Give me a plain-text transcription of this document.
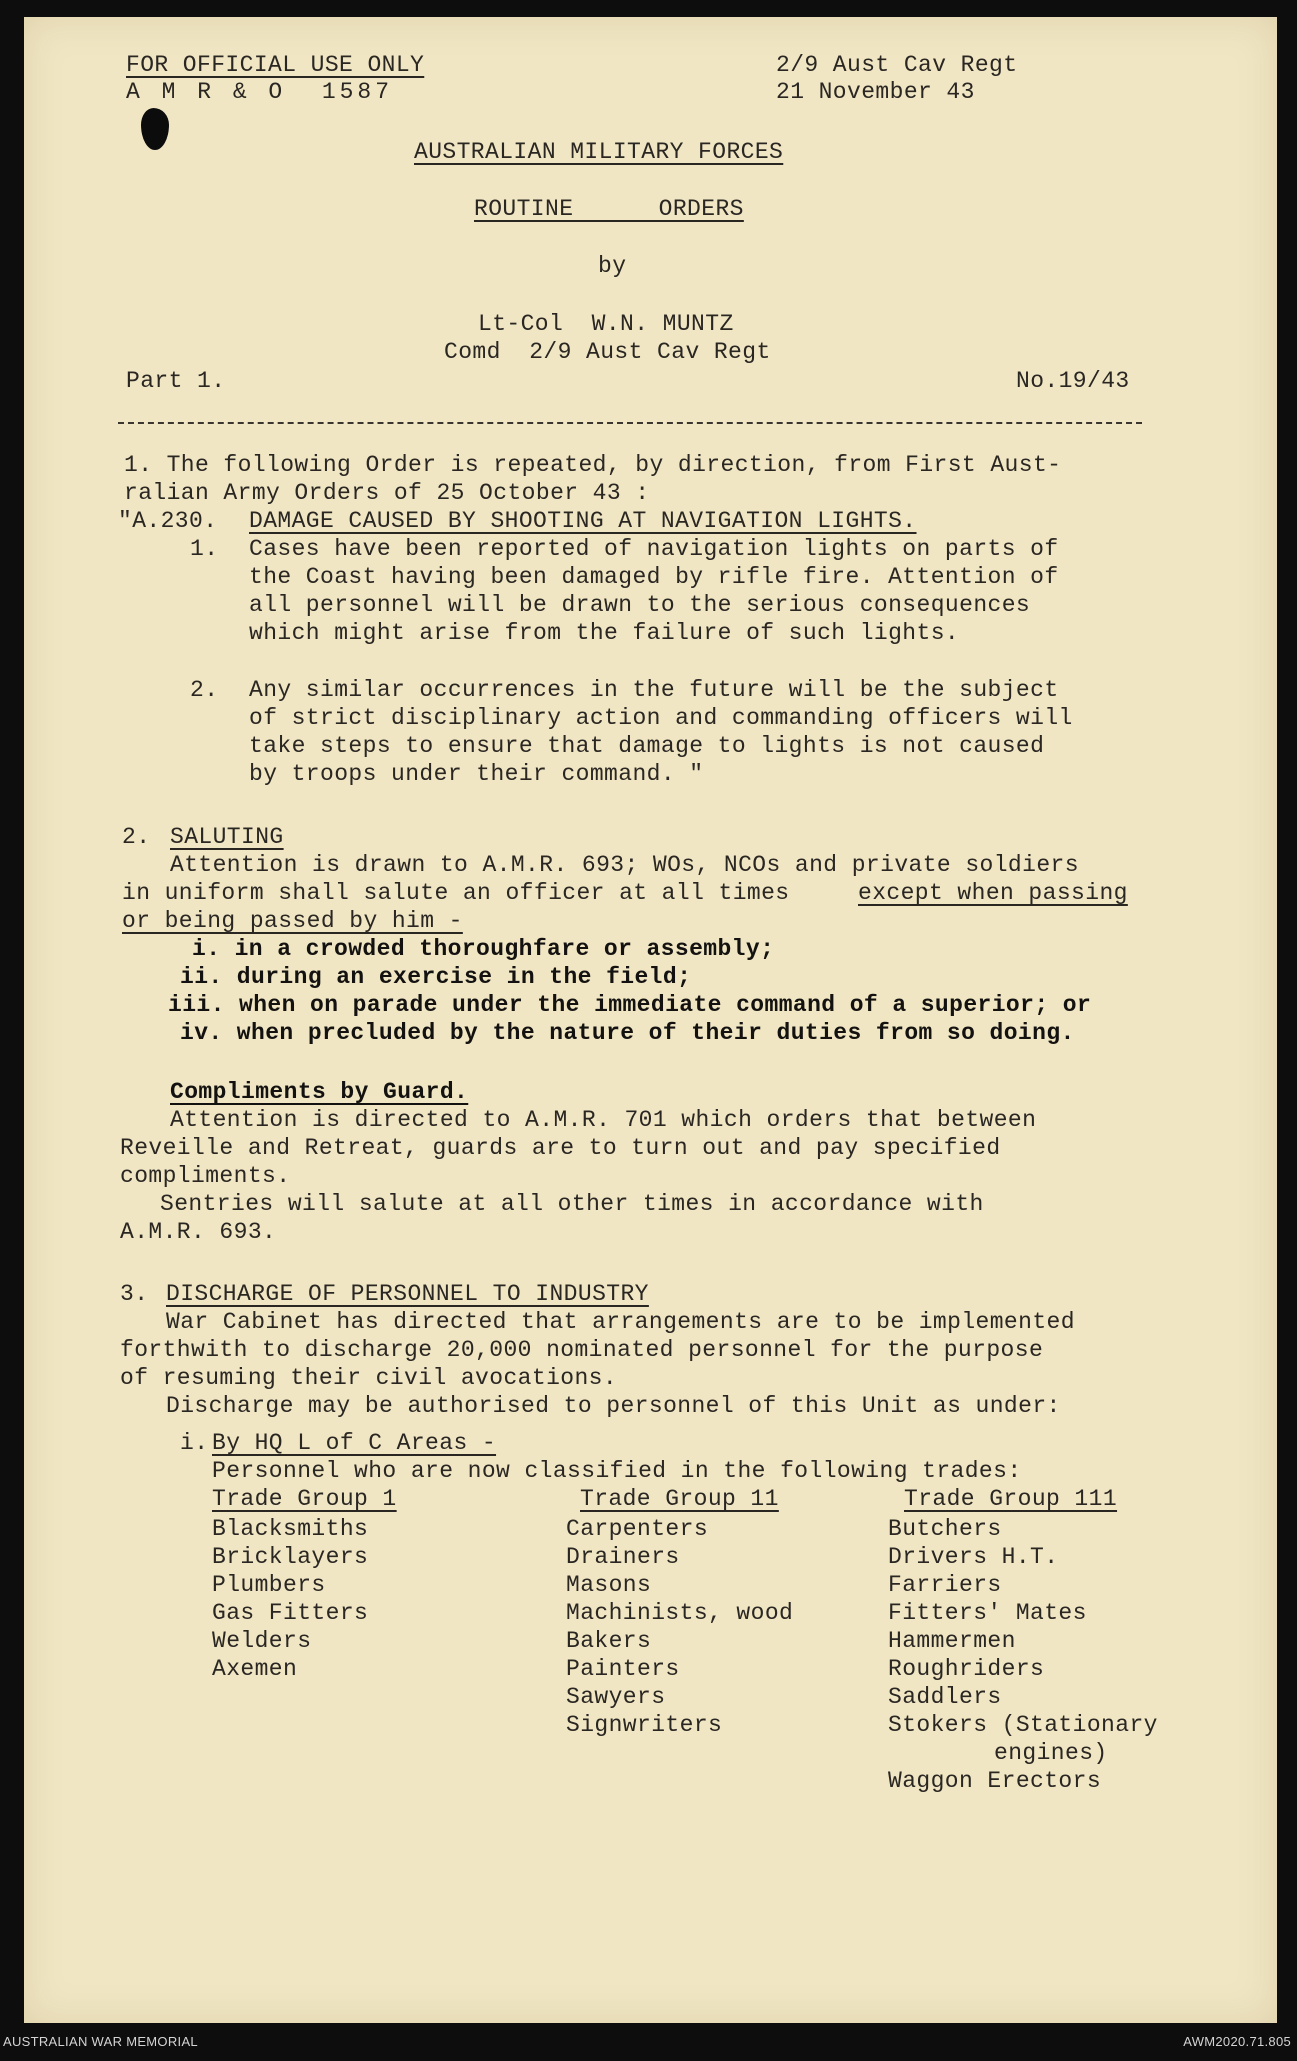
FOR OFFICIAL USE ONLY
A M R & O  1587
2/9 Aust Cav Regt
21 November 43
AUSTRALIAN MILITARY FORCES
ROUTINE      ORDERS
by
Lt-Col  W.N. MUNTZ
Comd  2/9 Aust Cav Regt
Part 1.	No.19/43
1. The following Order is repeated, by direction, from First Aust-
ralian Army Orders of 25 October 43 :
"A.230. DAMAGE CAUSED BY SHOOTING AT NAVIGATION LIGHTS.
1. Cases have been reported of navigation lights on parts of
the Coast having been damaged by rifle fire. Attention of
all personnel will be drawn to the serious consequences
which might arise from the failure of such lights.
2. Any similar occurrences in the future will be the subject
of strict disciplinary action and commanding officers will
take steps to ensure that damage to lights is not caused
by troops under their command. "
2. SALUTING
Attention is drawn to A.M.R. 693; WOs, NCOs and private soldiers
in uniform shall salute an officer at all times except when passing
or being passed by him -
i. in a crowded thoroughfare or assembly;
ii. during an exercise in the field;
iii. when on parade under the immediate command of a superior; or
iv. when precluded by the nature of their duties from so doing.
Compliments by Guard.
Attention is directed to A.M.R. 701 which orders that between
Reveille and Retreat, guards are to turn out and pay specified
compliments.
Sentries will salute at all other times in accordance with
A.M.R. 693.
3. DISCHARGE OF PERSONNEL TO INDUSTRY
War Cabinet has directed that arrangements are to be implemented
forthwith to discharge 20,000 nominated personnel for the purpose
of resuming their civil avocations.
Discharge may be authorised to personnel of this Unit as under:
i. By HQ L of C Areas -
Personnel who are now classified in the following trades:
Trade Group 1
Blacksmiths
Bricklayers
Plumbers
Gas Fitters
Welders
Axemen
Trade Group 11
Carpenters
Drainers
Masons
Machinists, wood
Bakers
Painters
Sawyers
Signwriters
Trade Group 111
Butchers
Drivers H.T.
Farriers
Fitters' Mates
Hammermen
Roughriders
Saddlers
Stokers (Stationary
engines)
Waggon Erectors
AUSTRALIAN WAR MEMORIAL	AWM2020.71.805
